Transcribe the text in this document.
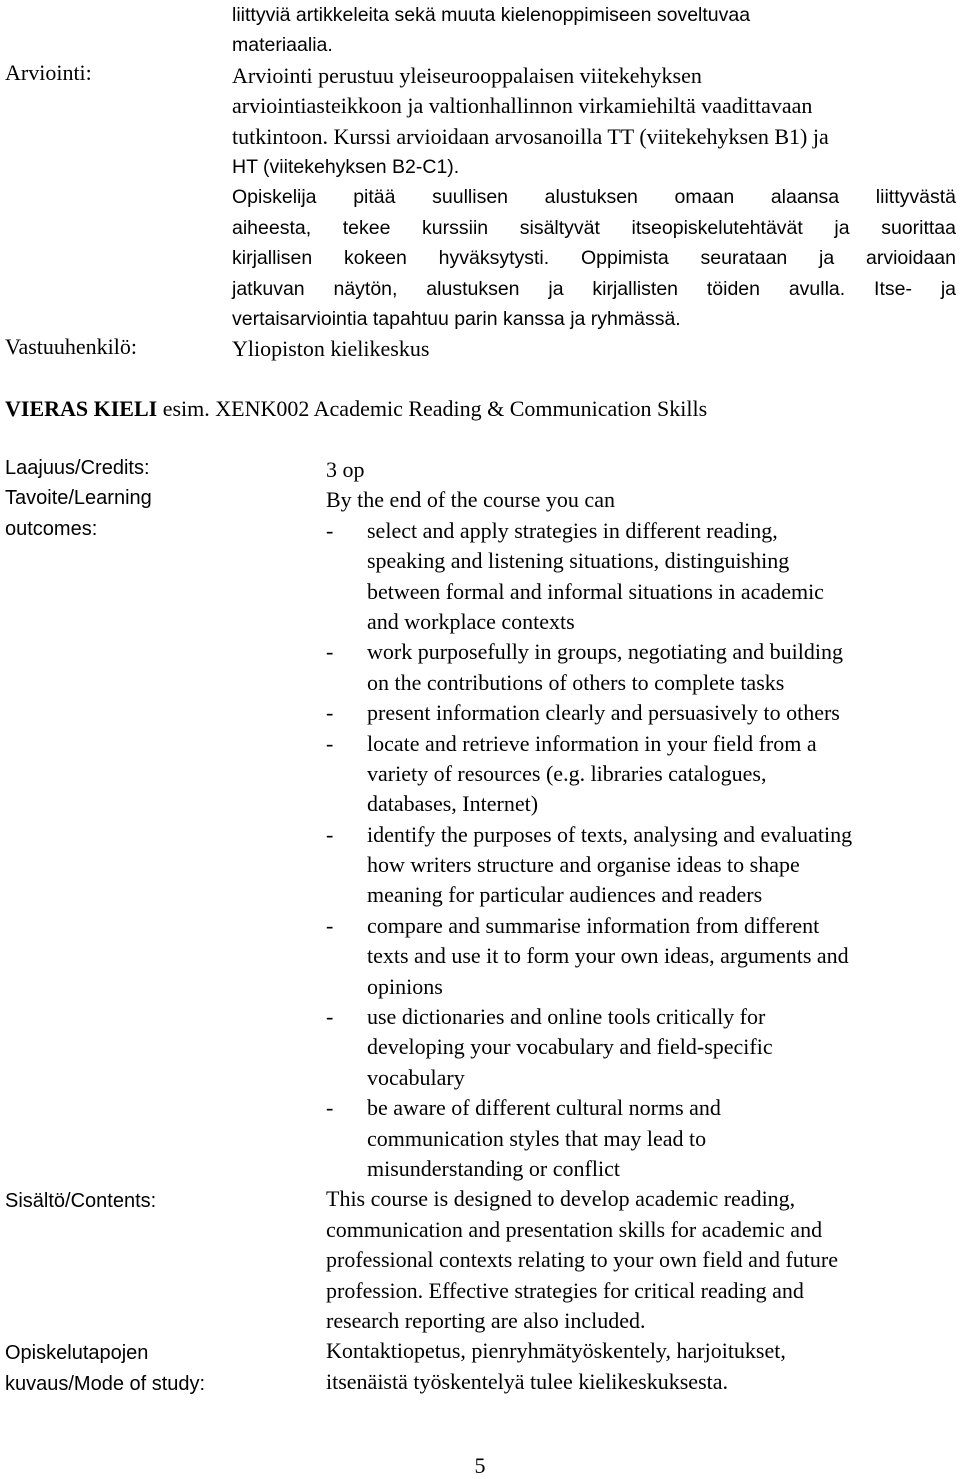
Arviointi:
Vastuuhenkilö:
liittyviä artikkeleita sekä muuta kielenoppimiseen soveltuvaa
materiaalia.
Arviointi perustuu yleiseurooppalaisen viitekehyksen
arviointiasteikkoon ja valtionhallinnon virkamiehiltä vaadittavaan
tutkintoon. Kurssi arvioidaan arvosanoilla TT (viitekehyksen B1) ja
HT (viitekehyksen B2-C1).
Opiskelija pitää suullisen alustuksen omaan alaansa liittyvästä
aiheesta, tekee kurssiin sisältyvät itseopiskelutehtävät ja suorittaa
kirjallisen kokeen hyväksytysti. Oppimista seurataan ja arvioidaan
jatkuvan näytön, alustuksen ja kirjallisten töiden avulla. Itse- ja
vertaisarviointia tapahtuu parin kanssa ja ryhmässä.
Yliopiston kielikeskus
VIERAS KIELI esim. XENK002 Academic Reading & Communication Skills
Laajuus/Credits:
Tavoite/Learning
outcomes:
Sisältö/Contents:
Opiskelutapojen
kuvaus/Mode of study:
3 op
By the end of the course you can
- select and apply strategies in different reading,
speaking and listening situations, distinguishing
between formal and informal situations in academic
and workplace contexts
- work purposefully in groups, negotiating and building
on the contributions of others to complete tasks
- present information clearly and persuasively to others
- locate and retrieve information in your field from a
variety of resources (e.g. libraries catalogues,
databases, Internet)
- identify the purposes of texts, analysing and evaluating
how writers structure and organise ideas to shape
meaning for particular audiences and readers
- compare and summarise information from different
texts and use it to form your own ideas, arguments and
opinions
- use dictionaries and online tools critically for
developing your vocabulary and field-specific
vocabulary
- be aware of different cultural norms and
communication styles that may lead to
misunderstanding or conflict
This course is designed to develop academic reading,
communication and presentation skills for academic and
professional contexts relating to your own field and future
profession. Effective strategies for critical reading and
research reporting are also included.
Kontaktiopetus, pienryhmätyöskentely, harjoitukset,
itsenäistä työskentelyä tulee kielikeskuksesta.
5
